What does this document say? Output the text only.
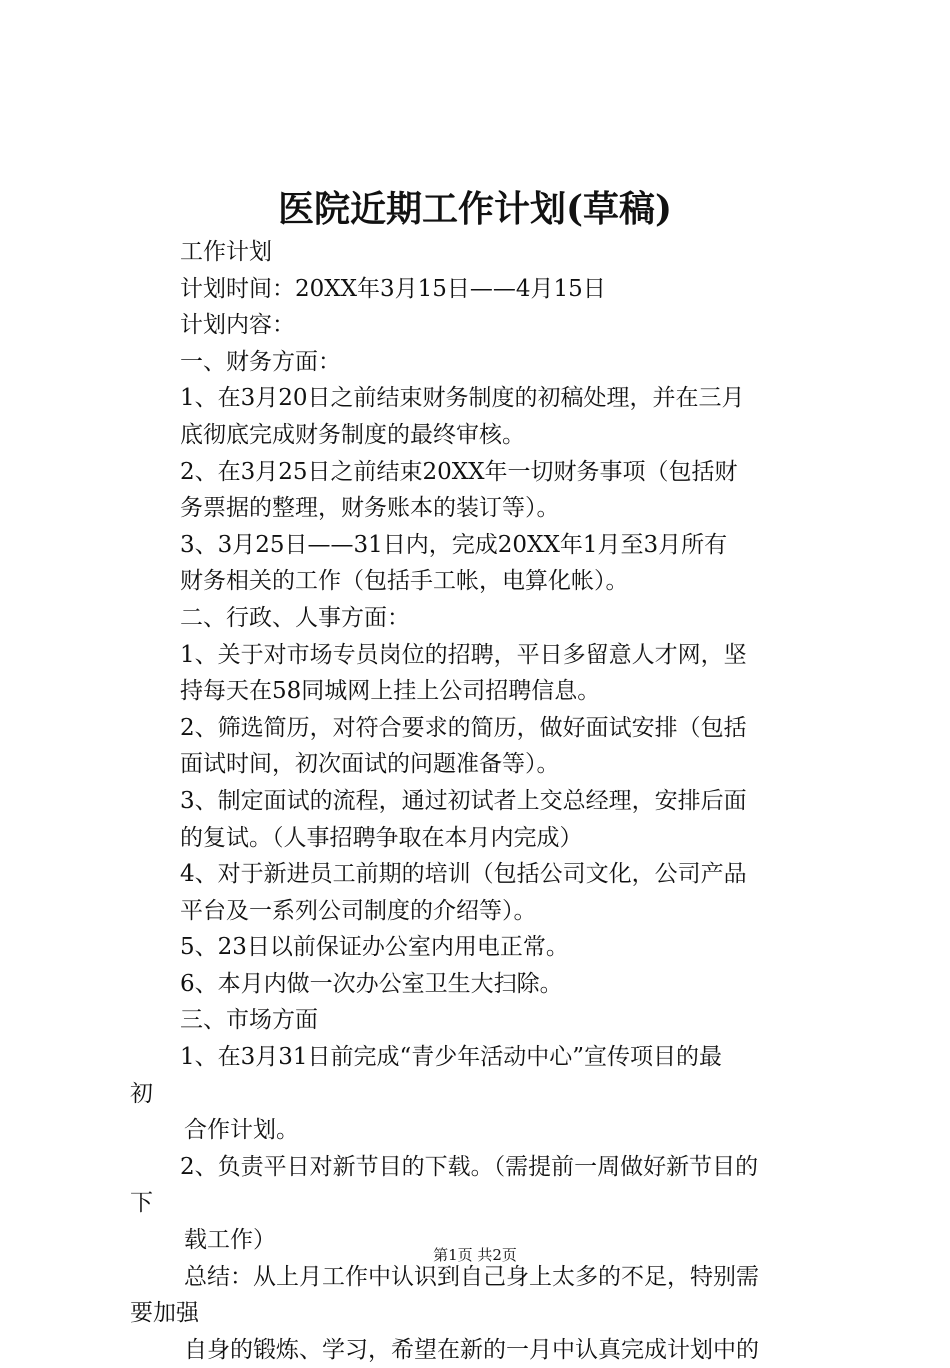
医院近期工作计划(草稿)
工作计划
计划时间：20XX年3月15日——4月15日
计划内容：
一、财务方面：
1、在3月20日之前结束财务制度的初稿处理，并在三月
底彻底完成财务制度的最终审核。
2、在3月25日之前结束20XX年一切财务事项（包括财
务票据的整理，财务账本的装订等）。
3、3月25日——31日内，完成20XX年1月至3月所有
财务相关的工作（包括手工帐，电算化帐）。
二、行政、人事方面：
1、关于对市场专员岗位的招聘，平日多留意人才网，坚
持每天在58同城网上挂上公司招聘信息。
2、筛选简历，对符合要求的简历，做好面试安排（包括
面试时间，初次面试的问题准备等）。
3、制定面试的流程，通过初试者上交总经理，安排后面
的复试。（人事招聘争取在本月内完成）
4、对于新进员工前期的培训（包括公司文化，公司产品
平台及一系列公司制度的介绍等）。
5、23日以前保证办公室内用电正常。
6、本月内做一次办公室卫生大扫除。
三、市场方面
1、在3月31日前完成“青少年活动中心”宣传项目的最
初
合作计划。
2、负责平日对新节目的下载。（需提前一周做好新节目的
下
载工作）
总结：从上月工作中认识到自己身上太多的不足，特别需
要加强
自身的锻炼、学习，希望在新的一月中认真完成计划中的
第1页 共2页
